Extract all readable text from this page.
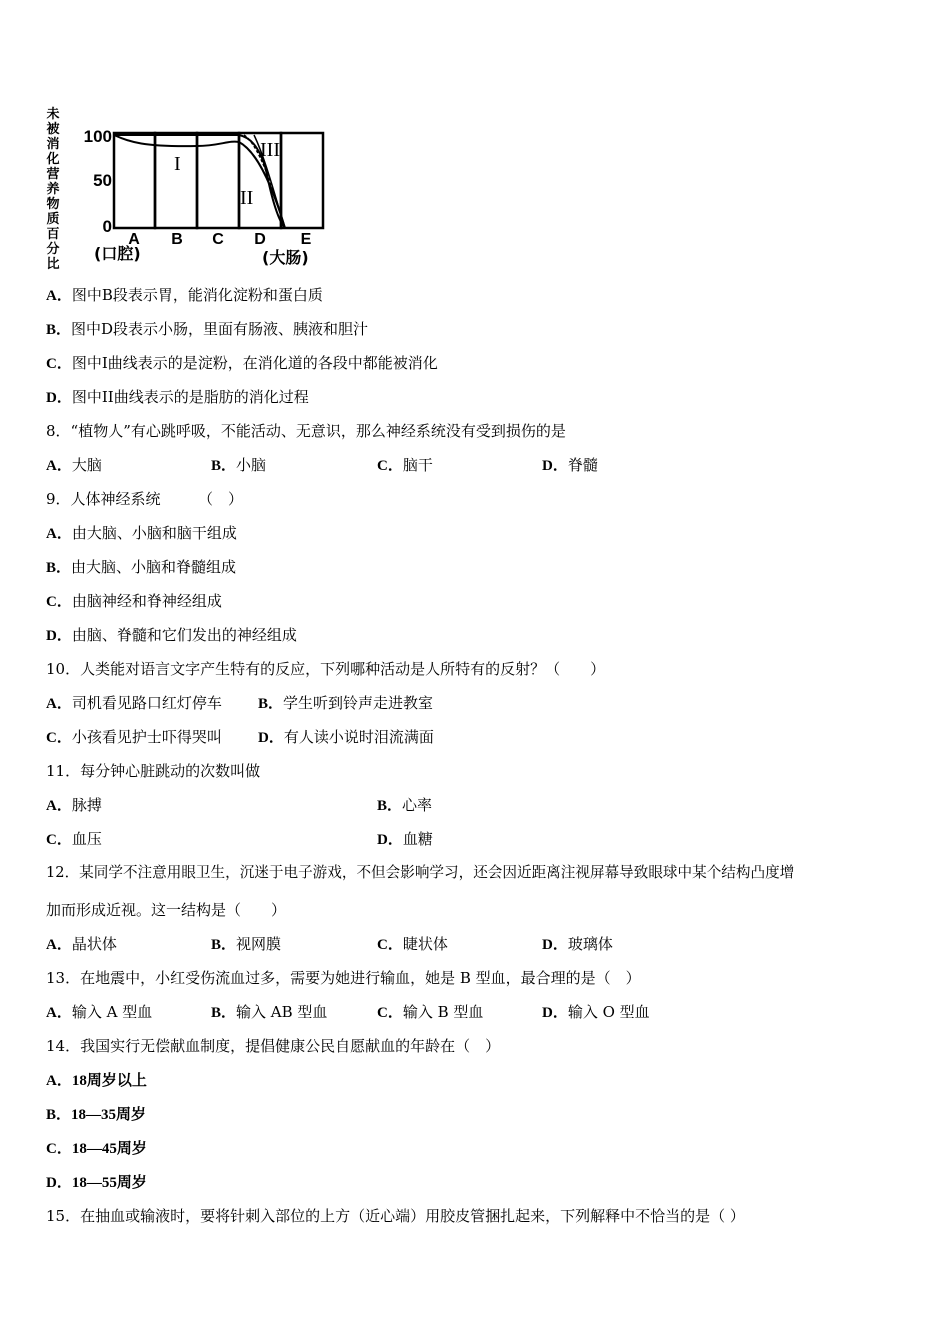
未
被
消
化
营
养
物
质
百
分
比
100
50
0
I
II
III
A B C D E
(口腔)	(大肠)
A．图中B段表示胃，能消化淀粉和蛋白质
B．图中D段表示小肠，里面有肠液、胰液和胆汁
C．图中I曲线表示的是淀粉，在消化道的各段中都能被消化
D．图中II曲线表示的是脂肪的消化过程
8．“植物人”有心跳呼吸，不能活动、无意识，那么神经系统没有受到损伤的是
A．大脑	B．小脑	C．脑干	D．脊髓
9．人体神经系统　　　（　）
A．由大脑、小脑和脑干组成
B．由大脑、小脑和脊髓组成
C．由脑神经和脊神经组成
D．由脑、脊髓和它们发出的神经组成
10．人类能对语言文字产生特有的反应，下列哪种活动是人所特有的反射？（　　）
A．司机看见路口红灯停车 B．学生听到铃声走进教室
C．小孩看见护士吓得哭叫 D．有人读小说时泪流满面
11．每分钟心脏跳动的次数叫做
A．脉搏	B．心率
C．血压	D．血糖
12．某同学不注意用眼卫生，沉迷于电子游戏，不但会影响学习，还会因近距离注视屏幕导致眼球中某个结构凸度增
加而形成近视。这一结构是（　　）
A．晶状体	B．视网膜	C．睫状体	D．玻璃体
13．在地震中，小红受伤流血过多，需要为她进行输血，她是 B 型血，最合理的是（　）
A．输入 A 型血	B．输入 AB 型血	C．输入 B 型血	D．输入 O 型血
14．我国实行无偿献血制度，提倡健康公民自愿献血的年龄在（　）
A．18周岁以上
B．18—35周岁
C．18—45周岁
D．18—55周岁
15．在抽血或输液时，要将针刺入部位的上方（近心端）用胶皮管捆扎起来，下列解释中不恰当的是（ ）
